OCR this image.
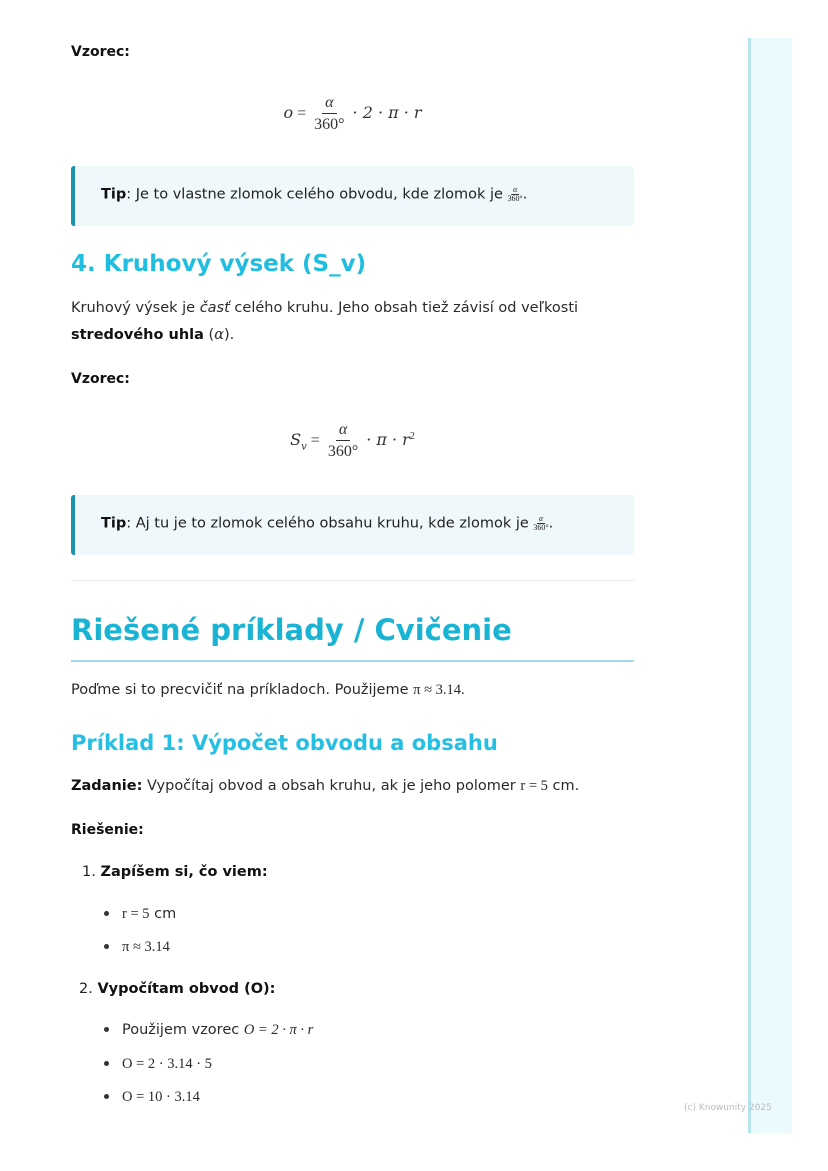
Vzorec:
$o = \frac{\alpha}{360^\circ} \cdot 2 \cdot \pi \cdot r$
Tip: Je to vlastne zlomok celého obvodu, kde zlomok je $\frac{\alpha}{360^\circ}$ .
4. Kruhový výsek (S_v)
Kruhový výsek je časť celého kruhu. Jeho obsah tiež závisí od veľkosti
stredového uhla (α).
Vzorec:
$S_v = \frac{\alpha}{360^\circ} \cdot \pi \cdot r^2$
Tip: Aj tu je to zlomok celého obsahu kruhu, kde zlomok je $\frac{\alpha}{360^\circ}$ .
Riešené príklady / Cvičenie
Poďme si to precvičiť na príkladoch. Použijeme π ≈ 3.14.
Príklad 1: Výpočet obvodu a obsahu
Zadanie: Vypočítaj obvod a obsah kruhu, ak je jeho polomer r = 5 cm.
Riešenie:
1. Zapíšem si, čo viem:
r = 5 cm
π ≈ 3.14
2. Vypočítam obvod (O):
Použijem vzorec O = 2 · π · r
O = 2 · 3.14 · 5
O = 10 · 3.14
(c) Knowunity 2025
